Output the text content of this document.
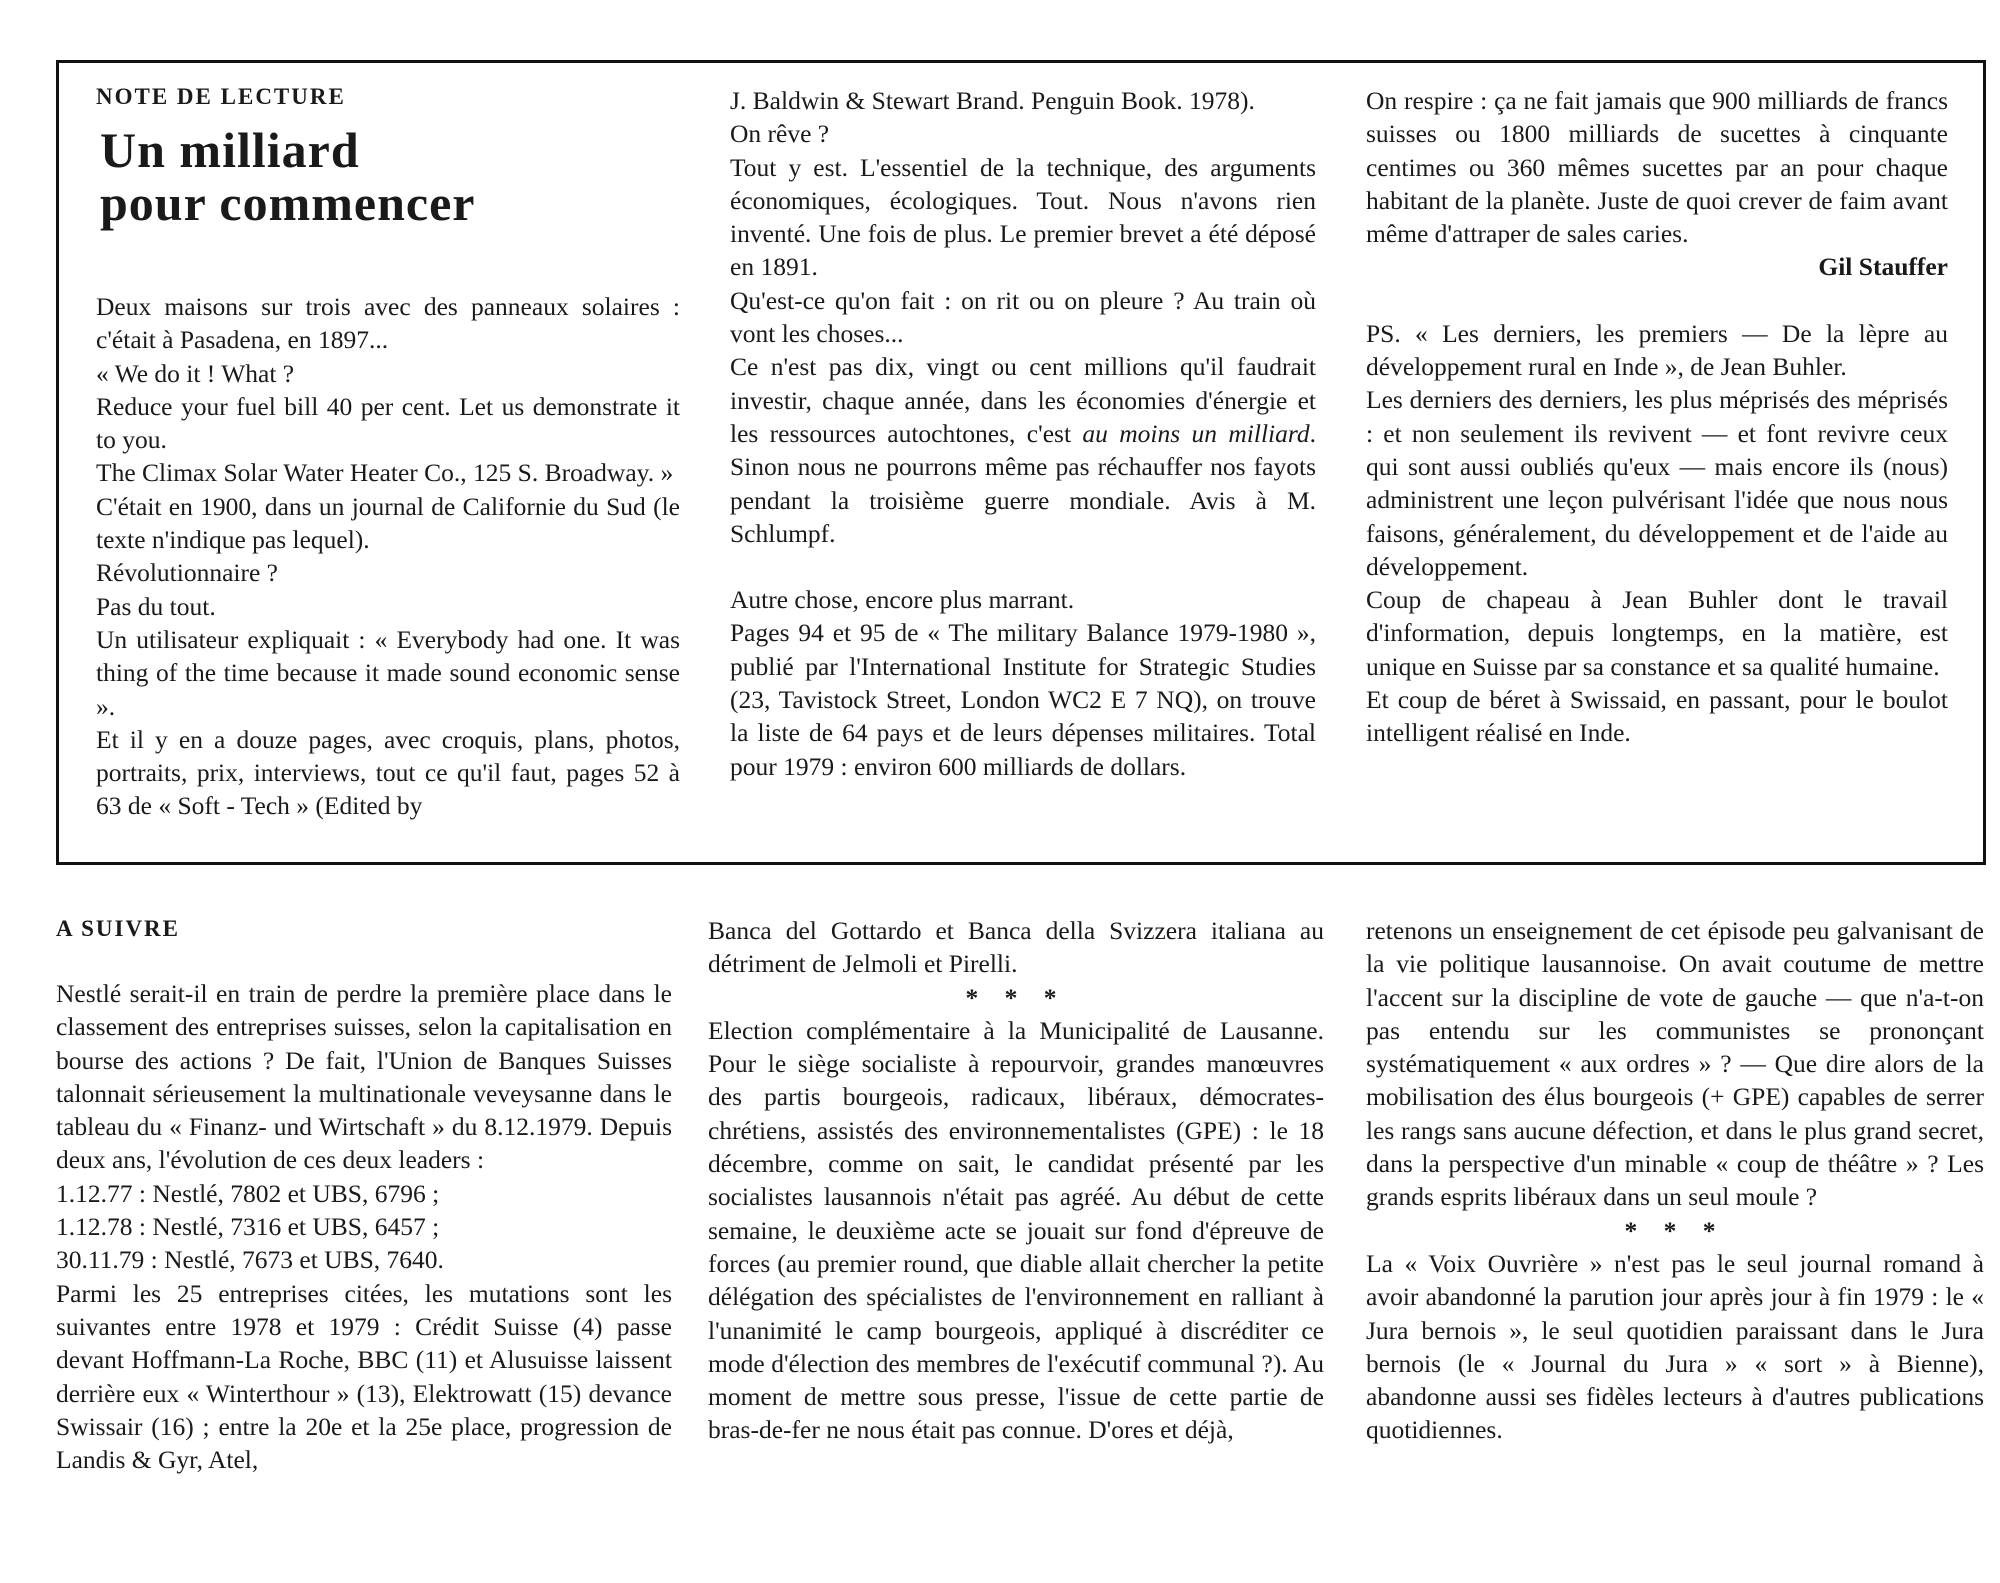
NOTE DE LECTURE

Un milliard
pour commencer

Deux maisons sur trois avec des panneaux solaires : c'était à Pasadena, en 1897...

« We do it ! What ?

Reduce your fuel bill 40 per cent. Let us demonstrate it to you.

The Climax Solar Water Heater Co., 125 S. Broadway. »

C'était en 1900, dans un journal de Californie du Sud (le texte n'indique pas lequel).

Révolutionnaire ?

Pas du tout.

Un utilisateur expliquait : « Everybody had one. It was thing of the time because it made sound economic sense ».

Et il y en a douze pages, avec croquis, plans, photos, portraits, prix, interviews, tout ce qu'il faut, pages 52 à 63 de « Soft - Tech » (Edited by

J. Baldwin & Stewart Brand. Penguin Book. 1978).

On rêve ?

Tout y est. L'essentiel de la technique, des arguments économiques, écologiques. Tout. Nous n'avons rien inventé. Une fois de plus. Le premier brevet a été déposé en 1891.

Qu'est-ce qu'on fait : on rit ou on pleure ? Au train où vont les choses...

Ce n'est pas dix, vingt ou cent millions qu'il faudrait investir, chaque année, dans les économies d'énergie et les ressources autochtones, c'est au moins un milliard. Sinon nous ne pourrons même pas réchauffer nos fayots pendant la troisième guerre mondiale. Avis à M. Schlumpf.

Autre chose, encore plus marrant.

Pages 94 et 95 de « The military Balance 1979-1980 », publié par l'International Institute for Strategic Studies (23, Tavistock Street, London WC2 E 7 NQ), on trouve la liste de 64 pays et de leurs dépenses militaires. Total pour 1979 : environ 600 milliards de dollars.

On respire : ça ne fait jamais que 900 milliards de francs suisses ou 1800 milliards de sucettes à cinquante centimes ou 360 mêmes sucettes par an pour chaque habitant de la planète. Juste de quoi crever de faim avant même d'attraper de sales caries.

Gil Stauffer

PS. « Les derniers, les premiers — De la lèpre au développement rural en Inde », de Jean Buhler.

Les derniers des derniers, les plus méprisés des méprisés : et non seulement ils revivent — et font revivre ceux qui sont aussi oubliés qu'eux — mais encore ils (nous) administrent une leçon pulvérisant l'idée que nous nous faisons, généralement, du développement et de l'aide au développement.

Coup de chapeau à Jean Buhler dont le travail d'information, depuis longtemps, en la matière, est unique en Suisse par sa constance et sa qualité humaine.

Et coup de béret à Swissaid, en passant, pour le boulot intelligent réalisé en Inde.

A SUIVRE

Nestlé serait-il en train de perdre la première place dans le classement des entreprises suisses, selon la capitalisation en bourse des actions ? De fait, l'Union de Banques Suisses talonnait sérieusement la multinationale veveysanne dans le tableau du « Finanz- und Wirtschaft » du 8.12.1979. Depuis deux ans, l'évolution de ces deux leaders :

1.12.77 : Nestlé, 7802 et UBS, 6796 ;

1.12.78 : Nestlé, 7316 et UBS, 6457 ;

30.11.79 : Nestlé, 7673 et UBS, 7640.

Parmi les 25 entreprises citées, les mutations sont les suivantes entre 1978 et 1979 : Crédit Suisse (4) passe devant Hoffmann-La Roche, BBC (11) et Alusuisse laissent derrière eux « Winterthour » (13), Elektrowatt (15) devance Swissair (16) ; entre la 20e et la 25e place, progression de Landis & Gyr, Atel,

Banca del Gottardo et Banca della Svizzera italiana au détriment de Jelmoli et Pirelli.

* * *

Election complémentaire à la Municipalité de Lausanne. Pour le siège socialiste à repourvoir, grandes manœuvres des partis bourgeois, radicaux, libéraux, démocrates-chrétiens, assistés des environnementalistes (GPE) : le 18 décembre, comme on sait, le candidat présenté par les socialistes lausannois n'était pas agréé. Au début de cette semaine, le deuxième acte se jouait sur fond d'épreuve de forces (au premier round, que diable allait chercher la petite délégation des spécialistes de l'environnement en ralliant à l'unanimité le camp bourgeois, appliqué à discréditer ce mode d'élection des membres de l'exécutif communal ?). Au moment de mettre sous presse, l'issue de cette partie de bras-de-fer ne nous était pas connue. D'ores et déjà,

retenons un enseignement de cet épisode peu galvanisant de la vie politique lausannoise. On avait coutume de mettre l'accent sur la discipline de vote de gauche — que n'a-t-on pas entendu sur les communistes se prononçant systématiquement « aux ordres » ? — Que dire alors de la mobilisation des élus bourgeois (+ GPE) capables de serrer les rangs sans aucune défection, et dans le plus grand secret, dans la perspective d'un minable « coup de théâtre » ? Les grands esprits libéraux dans un seul moule ?

* * *

La « Voix Ouvrière » n'est pas le seul journal romand à avoir abandonné la parution jour après jour à fin 1979 : le « Jura bernois », le seul quotidien paraissant dans le Jura bernois (le « Journal du Jura » « sort » à Bienne), abandonne aussi ses fidèles lecteurs à d'autres publications quotidiennes.
